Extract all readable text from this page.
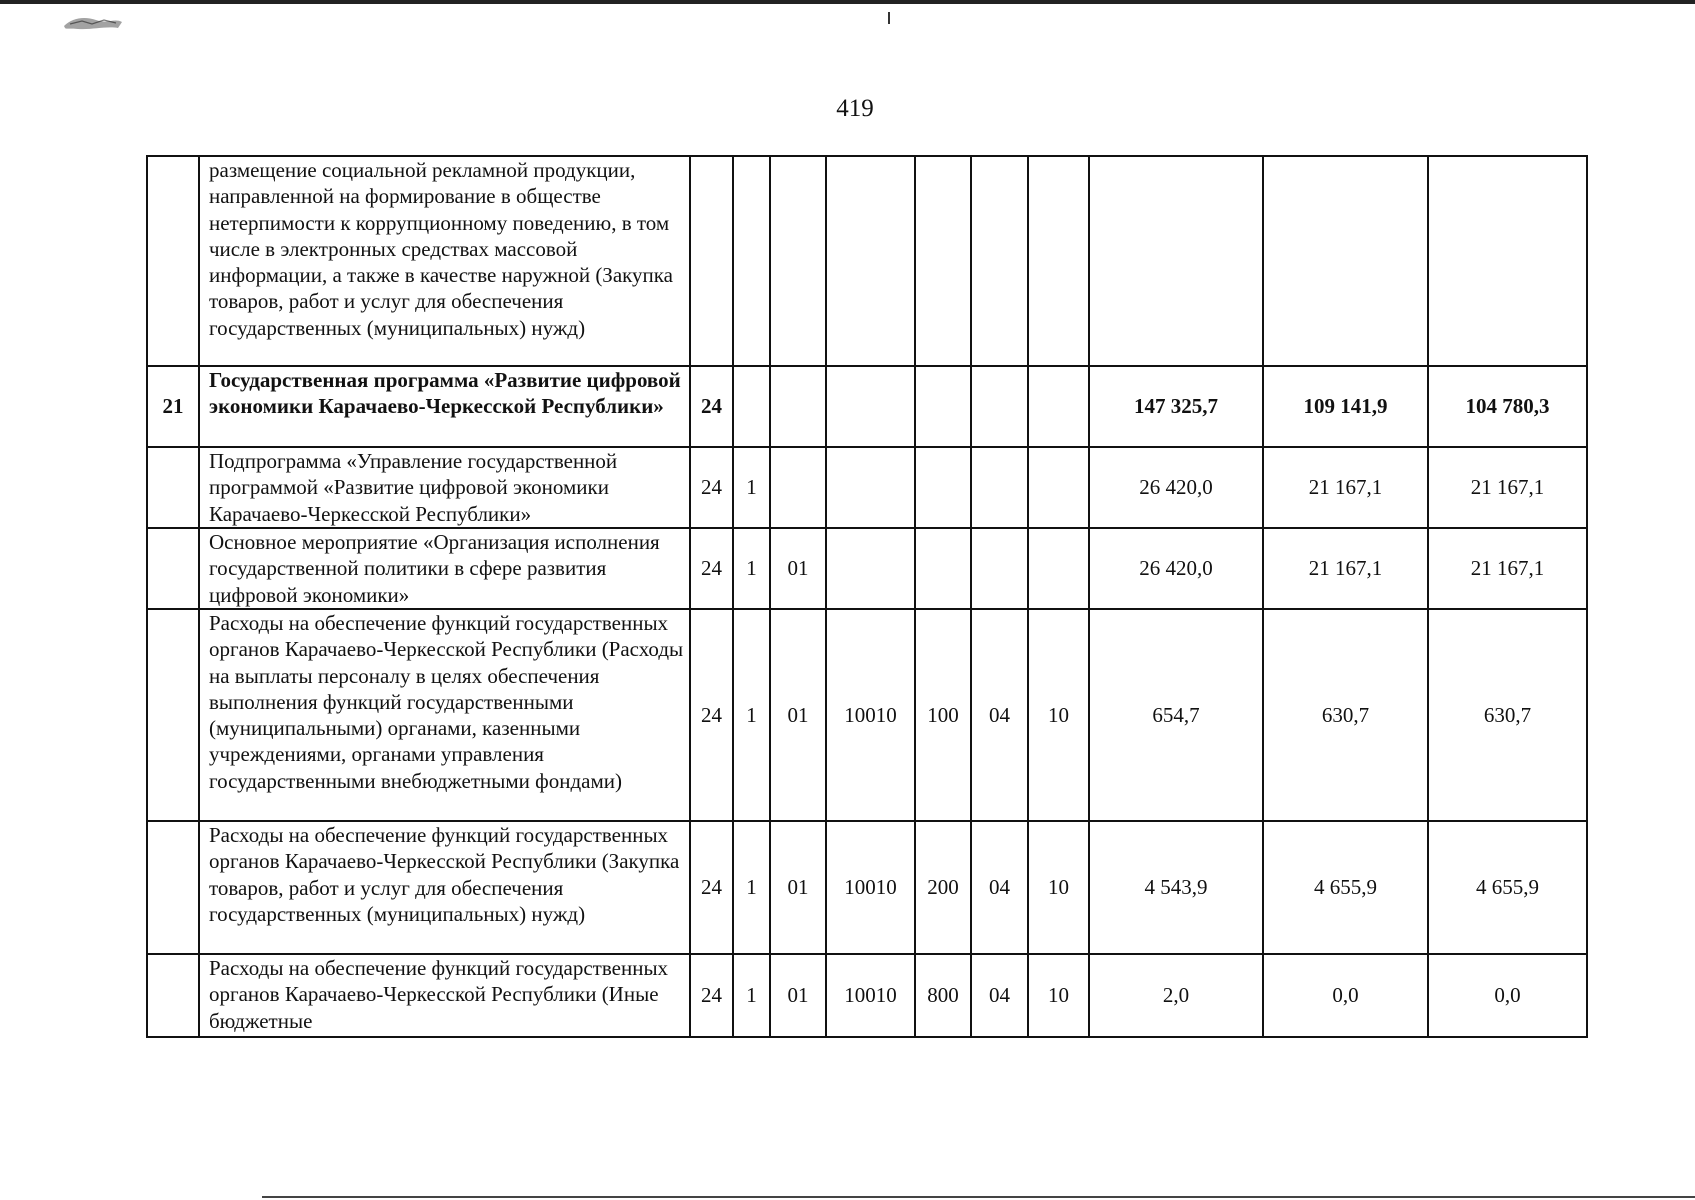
419
	размещение социальной рекламной продукции, направленной на формирование в обществе нетерпимости к коррупционному поведению, в том числе в электронных средствах массовой информации, а также в качестве наружной (Закупка товаров, работ и услуг для обеспечения государственных (муниципальных) нужд)										
21	Государственная программа «Развитие цифровой экономики Карачаево-Черкесской Республики»	24							147 325,7	109 141,9	104 780,3
	Подпрограмма «Управление государственной программой «Развитие цифровой экономики Карачаево-Черкесской Республики»	24	1						26 420,0	21 167,1	21 167,1
	Основное мероприятие «Организация исполнения государственной политики в сфере развития цифровой экономики»	24	1	01					26 420,0	21 167,1	21 167,1
	Расходы на обеспечение функций государственных органов Карачаево-Черкесской Республики (Расходы на выплаты персоналу в целях обеспечения выполнения функций государственными (муниципальными) органами, казенными учреждениями, органами управления государственными внебюджетными фондами)	24	1	01	10010	100	04	10	654,7	630,7	630,7
	Расходы на обеспечение функций государственных органов Карачаево-Черкесской Республики (Закупка товаров, работ и услуг для обеспечения государственных (муниципальных) нужд)	24	1	01	10010	200	04	10	4 543,9	4 655,9	4 655,9
	Расходы на обеспечение функций государственных органов Карачаево-Черкесской Республики (Иные бюджетные	24	1	01	10010	800	04	10	2,0	0,0	0,0
